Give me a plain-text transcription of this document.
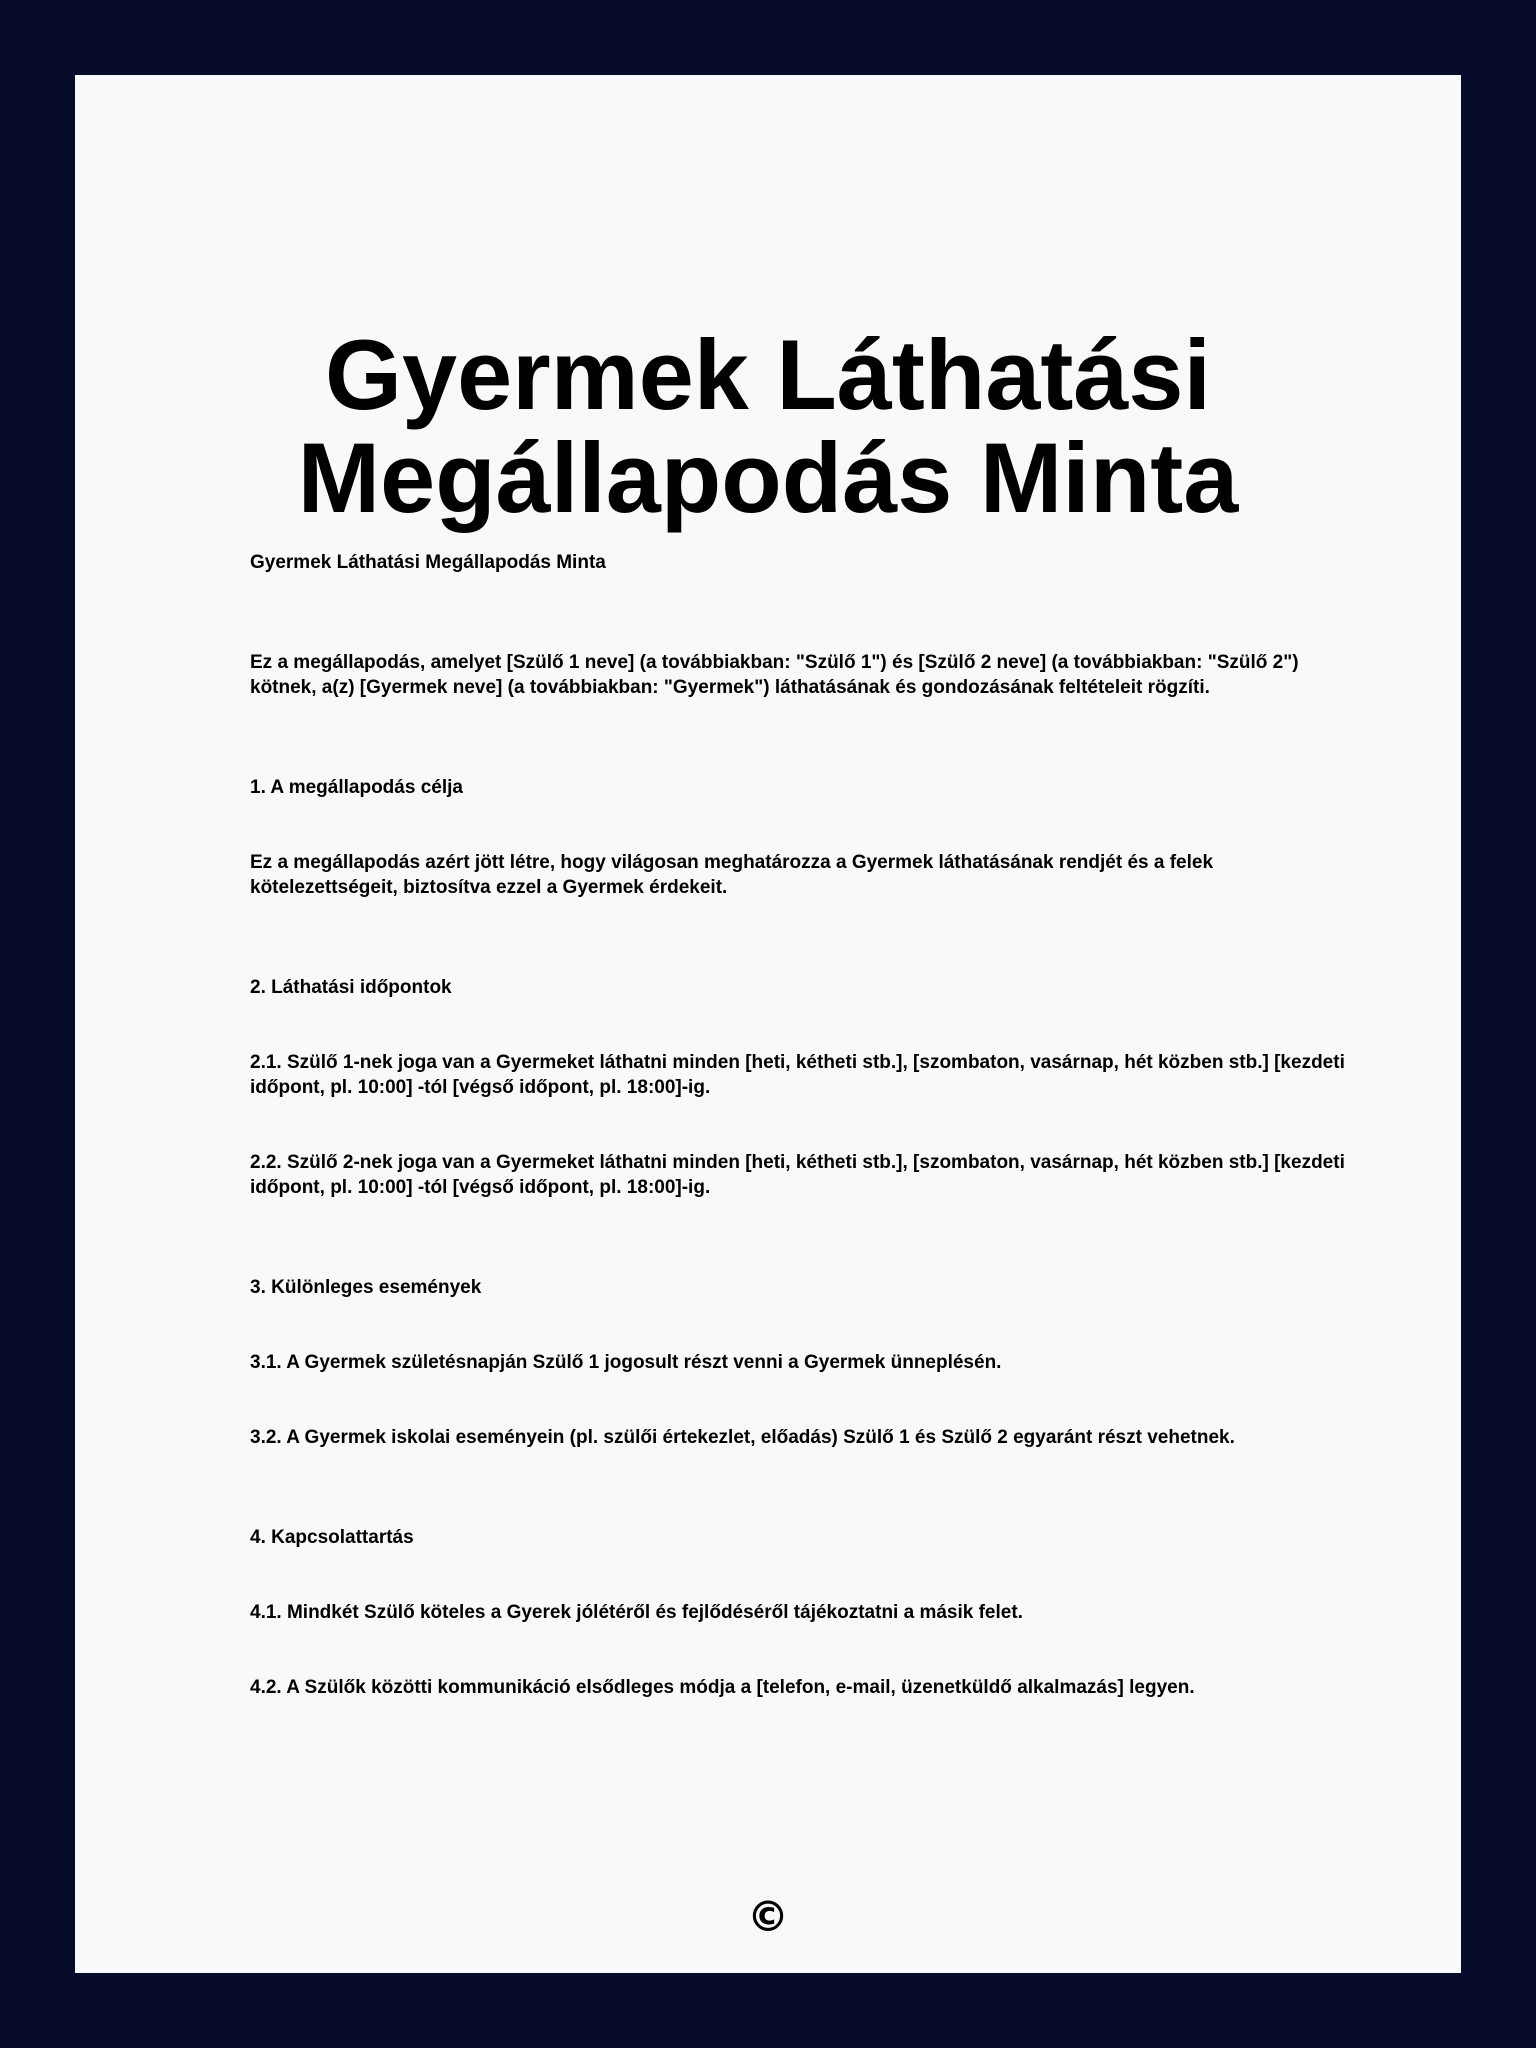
Gyermek Láthatási Megállapodás Minta

Gyermek Láthatási Megállapodás Minta

Ez a megállapodás, amelyet [Szülő 1 neve] (a továbbiakban: "Szülő 1") és [Szülő 2 neve] (a továbbiakban: "Szülő 2") kötnek, a(z) [Gyermek neve] (a továbbiakban: "Gyermek") láthatásának és gondozásának feltételeit rögzíti.

1. A megállapodás célja

Ez a megállapodás azért jött létre, hogy világosan meghatározza a Gyermek láthatásának rendjét és a felek kötelezettségeit, biztosítva ezzel a Gyermek érdekeit.

2. Láthatási időpontok

2.1. Szülő 1-nek joga van a Gyermeket láthatni minden [heti, kétheti stb.], [szombaton, vasárnap, hét közben stb.] [kezdeti időpont, pl. 10:00] -tól [végső időpont, pl. 18:00]-ig.

2.2. Szülő 2-nek joga van a Gyermeket láthatni minden [heti, kétheti stb.], [szombaton, vasárnap, hét közben stb.] [kezdeti időpont, pl. 10:00] -tól [végső időpont, pl. 18:00]-ig.

3. Különleges események

3.1. A Gyermek születésnapján Szülő 1 jogosult részt venni a Gyermek ünneplésén.

3.2. A Gyermek iskolai eseményein (pl. szülői értekezlet, előadás) Szülő 1 és Szülő 2 egyaránt részt vehetnek.

4. Kapcsolattartás

4.1. Mindkét Szülő köteles a Gyerek jólétéről és fejlődéséről tájékoztatni a másik felet.

4.2. A Szülők közötti kommunikáció elsődleges módja a [telefon, e-mail, üzenetküldő alkalmazás] legyen.

©
